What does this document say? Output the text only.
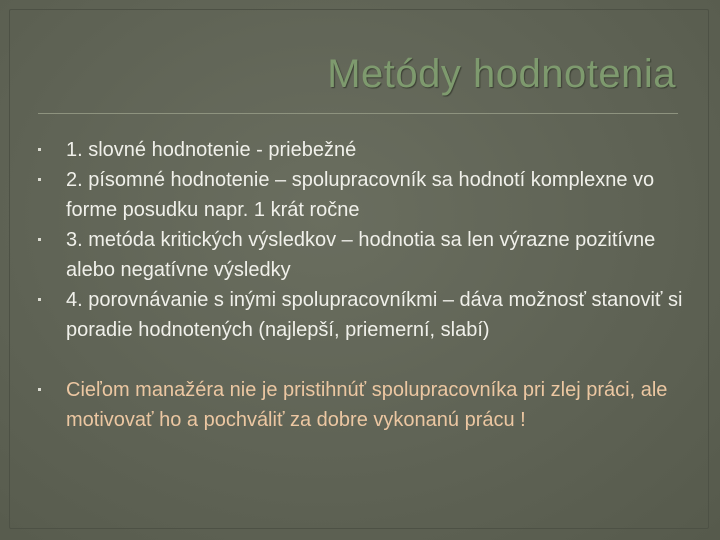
Metódy hodnotenia
1. slovné hodnotenie - priebežné
2. písomné hodnotenie – spolupracovník sa hodnotí komplexne vo forme posudku napr. 1 krát ročne
3. metóda kritických výsledkov – hodnotia sa len výrazne pozitívne alebo negatívne výsledky
4. porovnávanie s inými spolupracovníkmi – dáva možnosť stanoviť si poradie hodnotených (najlepší, priemerní, slabí)
Cieľom manažéra nie je pristihnúť spolupracovníka pri zlej práci, ale motivovať ho a pochváliť za dobre vykonanú prácu !
